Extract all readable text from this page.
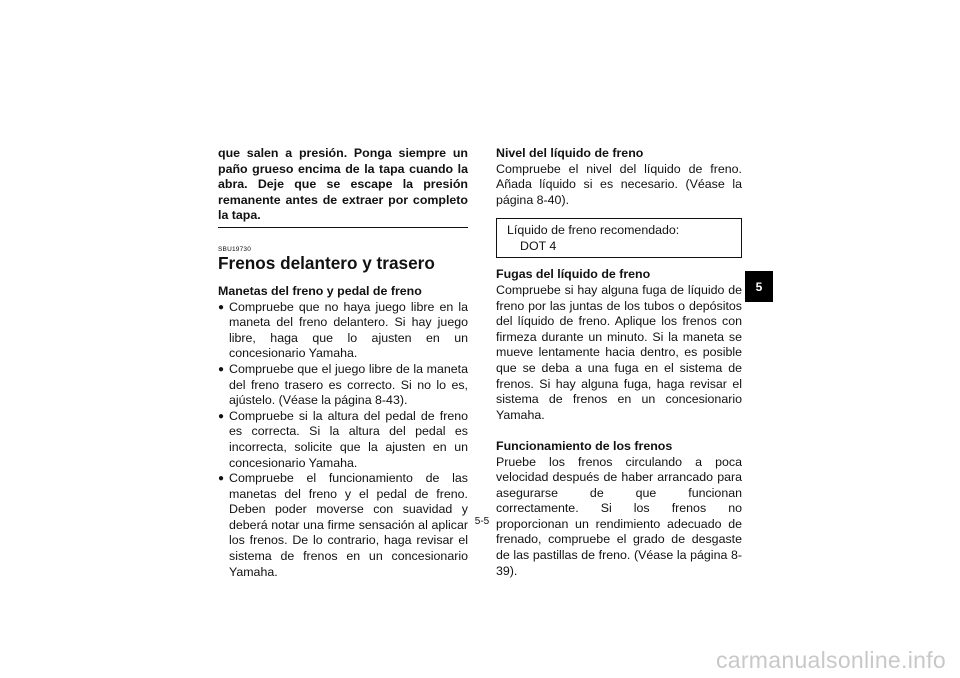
que salen a presión. Ponga siempre un paño grueso encima de la tapa cuando la abra. Deje que se escape la presión remanente antes de extraer por completo la tapa.

SBU19730
Frenos delantero y trasero

Manetas del freno y pedal de freno

● Compruebe que no haya juego libre en la maneta del freno delantero. Si hay juego libre, haga que lo ajusten en un concesionario Yamaha.
● Compruebe que el juego libre de la maneta del freno trasero es correcto. Si no lo es, ajústelo. (Véase la página 8-43).
● Compruebe si la altura del pedal de freno es correcta. Si la altura del pedal es incorrecta, solicite que la ajusten en un concesionario Yamaha.
● Compruebe el funcionamiento de las manetas del freno y el pedal de freno. Deben poder moverse con suavidad y deberá notar una firme sensación al aplicar los frenos. De lo contrario, haga revisar el sistema de frenos en un concesionario Yamaha.

Nivel del líquido de freno

Compruebe el nivel del líquido de freno. Añada líquido si es necesario. (Véase la página 8-40).

Líquido de freno recomendado:
DOT 4

Fugas del líquido de freno

Compruebe si hay alguna fuga de líquido de freno por las juntas de los tubos o depósitos del líquido de freno. Aplique los frenos con firmeza durante un minuto. Si la maneta se mueve lentamente hacia dentro, es posible que se deba a una fuga en el sistema de frenos. Si hay alguna fuga, haga revisar el sistema de frenos en un concesionario Yamaha.

Funcionamiento de los frenos

Pruebe los frenos circulando a poca velocidad después de haber arrancado para asegurarse de que funcionan correctamente. Si los frenos no proporcionan un rendimiento adecuado de frenado, compruebe el grado de desgaste de las pastillas de freno. (Véase la página 8-39).

5
5-5
carmanualsonline.info
